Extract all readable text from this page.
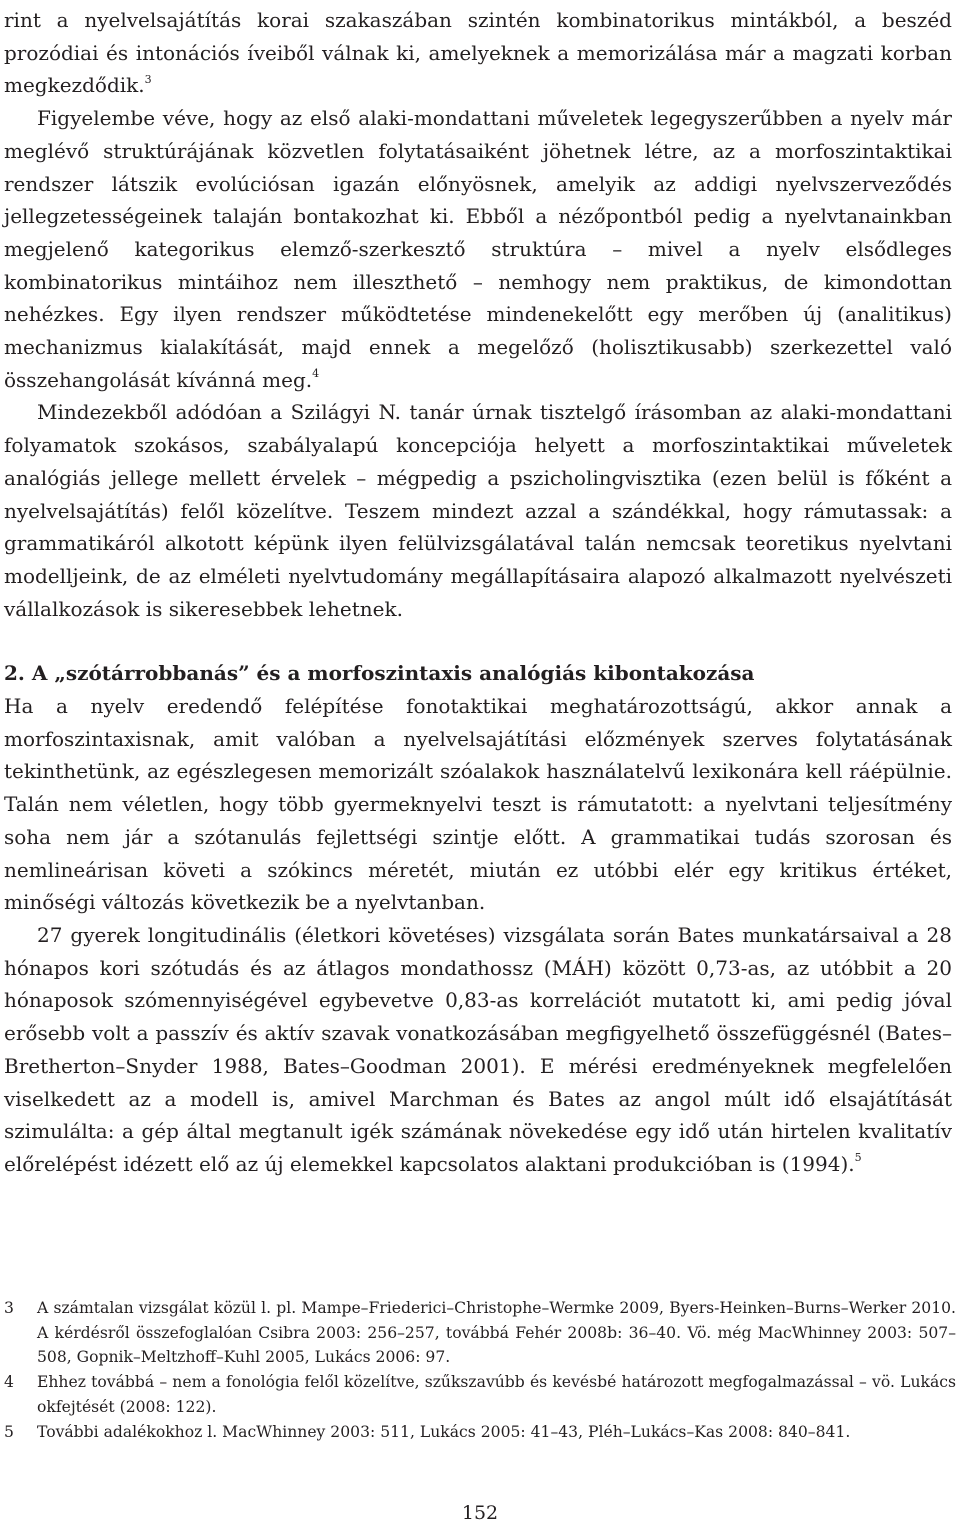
rint a nyelvelsajátítás korai szakaszában szintén kombinatorikus mintákból, a beszéd prozódiai és intonációs íveiből válnak ki, amelyeknek a memorizálása már a magzati korban megkezdődik.$^3$

Figyelembe véve, hogy az első alaki-mondattani műveletek legegyszerűbben a nyelv már meglévő struktúrájának közvetlen folytatásaiként jöhetnek létre, az a morfoszintaktikai rendszer látszik evolúciósan igazán előnyösnek, amelyik az addigi nyelvszerveződés jellegzetességeinek talaján bontakozhat ki. Ebből a nézőpontból pedig a nyelvtanainkban megjelenő kategorikus elemző-szerkesztő struktúra – mivel a nyelv elsődleges kombinatorikus mintáihoz nem illeszthető – nemhogy nem praktikus, de kimondottan nehézkes. Egy ilyen rendszer működtetése mindenekelőtt egy merőben új (analitikus) mechanizmus kialakítását, majd ennek a megelőző (holisztikusabb) szerkezettel való összehangolását kívánná meg.$^4$

Mindezekből adódóan a Szilágyi N. tanár úrnak tisztelgő írásomban az alaki-mondattani folyamatok szokásos, szabályalapú koncepciója helyett a morfoszintaktikai műveletek analógiás jellege mellett érvelek – mégpedig a pszicholingvisztika (ezen belül is főként a nyelvelsajátítás) felől közelítve. Teszem mindezt azzal a szándékkal, hogy rámutassak: a grammatikáról alkotott képünk ilyen felülvizsgálatával talán nemcsak teoretikus nyelvtani modelljeink, de az elméleti nyelvtudomány megállapításaira alapozó alkalmazott nyelvészeti vállalkozások is sikeresebbek lehetnek.

2. A „szótárrobbanás” és a morfoszintaxis analógiás kibontakozása

Ha a nyelv eredendő felépítése fonotaktikai meghatározottságú, akkor annak a morfoszintaxisnak, amit valóban a nyelvelsajátítási előzmények szerves folytatásának tekinthetünk, az egészlegesen memorizált szóalakok használatelvű lexikonára kell ráépülnie. Talán nem véletlen, hogy több gyermeknyelvi teszt is rámutatott: a nyelvtani teljesítmény soha nem jár a szótanulás fejlettségi szintje előtt. A grammatikai tudás szorosan és nemlineárisan követi a szókincs méretét, miután ez utóbbi elér egy kritikus értéket, minőségi változás következik be a nyelvtanban.

27 gyerek longitudinális (életkori követéses) vizsgálata során Bates munkatársaival a 28 hónapos kori szótudás és az átlagos mondathossz (MÁH) között 0,73-as, az utóbbit a 20 hónaposok szómennyiségével egybevetve 0,83-as korrelációt mutatott ki, ami pedig jóval erősebb volt a passzív és aktív szavak vonatkozásában megfigyelhető összefüggésnél (Bates–Bretherton–Snyder 1988, Bates–Goodman 2001). E mérési eredményeknek megfelelően viselkedett az a modell is, amivel Marchman és Bates az angol múlt idő elsajátítását szimulálta: a gép által megtanult igék számának növekedése egy idő után hirtelen kvalitatív előrelépést idézett elő az új elemekkel kapcsolatos alaktani produkcióban is (1994).$^5$

3	A számtalan vizsgálat közül l. pl. Mampe–Friederici–Christophe–Wermke 2009, Byers-Heinken–Burns–Werker 2010. A kérdésről összefoglalóan Csibra 2003: 256–257, továbbá Fehér 2008b: 36–40. Vö. még MacWhinney 2003: 507–508, Gopnik–Meltzhoff–Kuhl 2005, Lukács 2006: 97.
4	Ehhez továbbá – nem a fonológia felől közelítve, szűkszavúbb és kevésbé határozott megfogalmazással – vö. Lukács okfejtését (2008: 122).
5	További adalékokhoz l. MacWhinney 2003: 511, Lukács 2005: 41–43, Pléh–Lukács–Kas 2008: 840–841.
152
